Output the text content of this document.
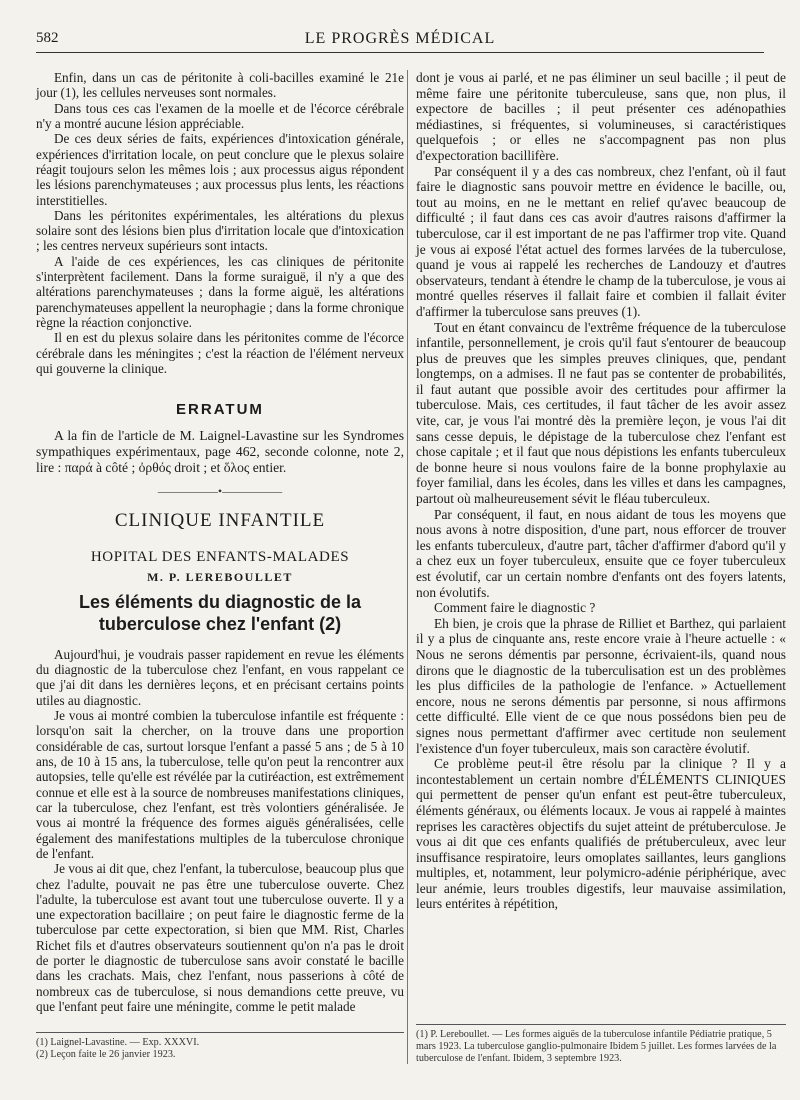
582	LE PROGRÈS MÉDICAL

Enfin, dans un cas de péritonite à coli-bacilles examiné le 21e jour (1), les cellules nerveuses sont normales.

Dans tous ces cas l'examen de la moelle et de l'écorce cérébrale n'y a montré aucune lésion appréciable.

De ces deux séries de faits, expériences d'intoxication générale, expériences d'irritation locale, on peut conclure que le plexus solaire réagit toujours selon les mêmes lois ; aux processus aigus répondent les lésions parenchymateuses ; aux processus plus lents, les réactions interstitielles.

Dans les péritonites expérimentales, les altérations du plexus solaire sont des lésions bien plus d'irritation locale que d'intoxication ; les centres nerveux supérieurs sont intacts.

A l'aide de ces expériences, les cas cliniques de péritonite s'interprètent facilement. Dans la forme suraiguë, il n'y a que des altérations parenchymateuses ; dans la forme aiguë, les altérations parenchymateuses appellent la neurophagie ; dans la forme chronique règne la réaction conjonctive.

Il en est du plexus solaire dans les péritonites comme de l'écorce cérébrale dans les méningites ; c'est la réaction de l'élément nerveux qui gouverne la clinique.

ERRATUM

A la fin de l'article de M. Laignel-Lavastine sur les Syndromes sympathiques expérimentaux, page 462, seconde colonne, note 2, lire : παρά à côté ; ὀρθός droit ; et ὅλος entier.

—————•—————
CLINIQUE INFANTILE
HOPITAL DES ENFANTS-MALADES
M. P. LEREBOULLET
Les éléments du diagnostic de la tuberculose chez l'enfant (2)

Aujourd'hui, je voudrais passer rapidement en revue les éléments du diagnostic de la tuberculose chez l'enfant, en vous rappelant ce que j'ai dit dans les dernières leçons, et en précisant certains points utiles au diagnostic.

Je vous ai montré combien la tuberculose infantile est fréquente : lorsqu'on sait la chercher, on la trouve dans une proportion considérable de cas, surtout lorsque l'enfant a passé 5 ans ; de 5 à 10 ans, de 10 à 15 ans, la tuberculose, telle qu'on peut la rencontrer aux autopsies, telle qu'elle est révélée par la cutiréaction, est extrêmement connue et elle est à la source de nombreuses manifestations cliniques, car la tuberculose, chez l'enfant, est très volontiers généralisée. Je vous ai montré la fréquence des formes aiguës généralisées, celle également des manifestations multiples de la tuberculose chronique de l'enfant.

Je vous ai dit que, chez l'enfant, la tuberculose, beaucoup plus que chez l'adulte, pouvait ne pas être une tuberculose ouverte. Chez l'adulte, la tuberculose est avant tout une tuberculose ouverte. Il y a une expectoration bacillaire ; on peut faire le diagnostic ferme de la tuberculose par cette expectoration, si bien que MM. Rist, Charles Richet fils et d'autres observateurs soutiennent qu'on n'a pas le droit de porter le diagnostic de tuberculose sans avoir constaté le bacille dans les crachats. Mais, chez l'enfant, nous passerions à côté de nombreux cas de tuberculose, si nous demandions cette preuve, vu que l'enfant peut faire une méningite, comme le petit malade

dont je vous ai parlé, et ne pas éliminer un seul bacille ; il peut de même faire une péritonite tuberculeuse, sans que, non plus, il expectore de bacilles ; il peut présenter ces adénopathies médiastines, si fréquentes, si volumineuses, si caractéristiques quelquefois ; or elles ne s'accompagnent pas non plus d'expectoration bacillifère.

Par conséquent il y a des cas nombreux, chez l'enfant, où il faut faire le diagnostic sans pouvoir mettre en évidence le bacille, ou, tout au moins, en ne le mettant en relief qu'avec beaucoup de difficulté ; il faut dans ces cas avoir d'autres raisons d'affirmer la tuberculose, car il est important de ne pas l'affirmer trop vite. Quand je vous ai exposé l'état actuel des formes larvées de la tuberculose, quand je vous ai rappelé les recherches de Landouzy et d'autres observateurs, tendant à étendre le champ de la tuberculose, je vous ai montré quelles réserves il fallait faire et combien il fallait éviter d'affirmer la tuberculose sans preuves (1).

Tout en étant convaincu de l'extrême fréquence de la tuberculose infantile, personnellement, je crois qu'il faut s'entourer de beaucoup plus de preuves que les simples preuves cliniques, que, pendant longtemps, on a admises. Il ne faut pas se contenter de probabilités, il faut autant que possible avoir des certitudes pour affirmer la tuberculose. Mais, ces certitudes, il faut tâcher de les avoir assez vite, car, je vous l'ai montré dès la première leçon, je vous l'ai dit sans cesse depuis, le dépistage de la tuberculose chez l'enfant est chose capitale ; et il faut que nous dépistions les enfants tuberculeux de bonne heure si nous voulons faire de la bonne prophylaxie au foyer familial, dans les écoles, dans les villes et dans les campagnes, partout où malheureusement sévit le fléau tuberculeux.

Par conséquent, il faut, en nous aidant de tous les moyens que nous avons à notre disposition, d'une part, nous efforcer de trouver les enfants tuberculeux, d'autre part, tâcher d'affirmer d'abord qu'il y a chez eux un foyer tuberculeux, ensuite que ce foyer tuberculeux est évolutif, car un certain nombre d'enfants ont des foyers latents, non évolutifs.

Comment faire le diagnostic ?

Eh bien, je crois que la phrase de Rilliet et Barthez, qui parlaient il y a plus de cinquante ans, reste encore vraie à l'heure actuelle : « Nous ne serons démentis par personne, écrivaient-ils, quand nous dirons que le diagnostic de la tuberculisation est un des problèmes les plus difficiles de la pathologie de l'enfance. » Actuellement encore, nous ne serons démentis par personne, si nous affirmons cette difficulté. Elle vient de ce que nous possédons bien peu de signes nous permettant d'affirmer avec certitude non seulement l'existence d'un foyer tuberculeux, mais son caractère évolutif.

Ce problème peut-il être résolu par la clinique ? Il y a incontestablement un certain nombre d'ÉLÉMENTS CLINIQUES qui permettent de penser qu'un enfant est peut-être tuberculeux, éléments généraux, ou éléments locaux. Je vous ai rappelé à maintes reprises les caractères objectifs du sujet atteint de prétuberculose. Je vous ai dit que ces enfants qualifiés de prétuberculeux, avec leur insuffisance respiratoire, leurs omoplates saillantes, leurs ganglions multiples, et, notamment, leur polymicro-adénie périphérique, avec leur anémie, leurs troubles digestifs, leur mauvaise assimilation, leurs entérites à répétition,

(1) Laignel-Lavastine. — Exp. XXXVI.
(2) Leçon faite le 26 janvier 1923.
(1) P. Lereboullet. — Les formes aiguës de la tuberculose infantile Pédiatrie pratique, 5 mars 1923. La tuberculose ganglio-pulmonaire Ibidem 5 juillet. Les formes larvées de la tuberculose de l'enfant. Ibidem, 3 septembre 1923.
